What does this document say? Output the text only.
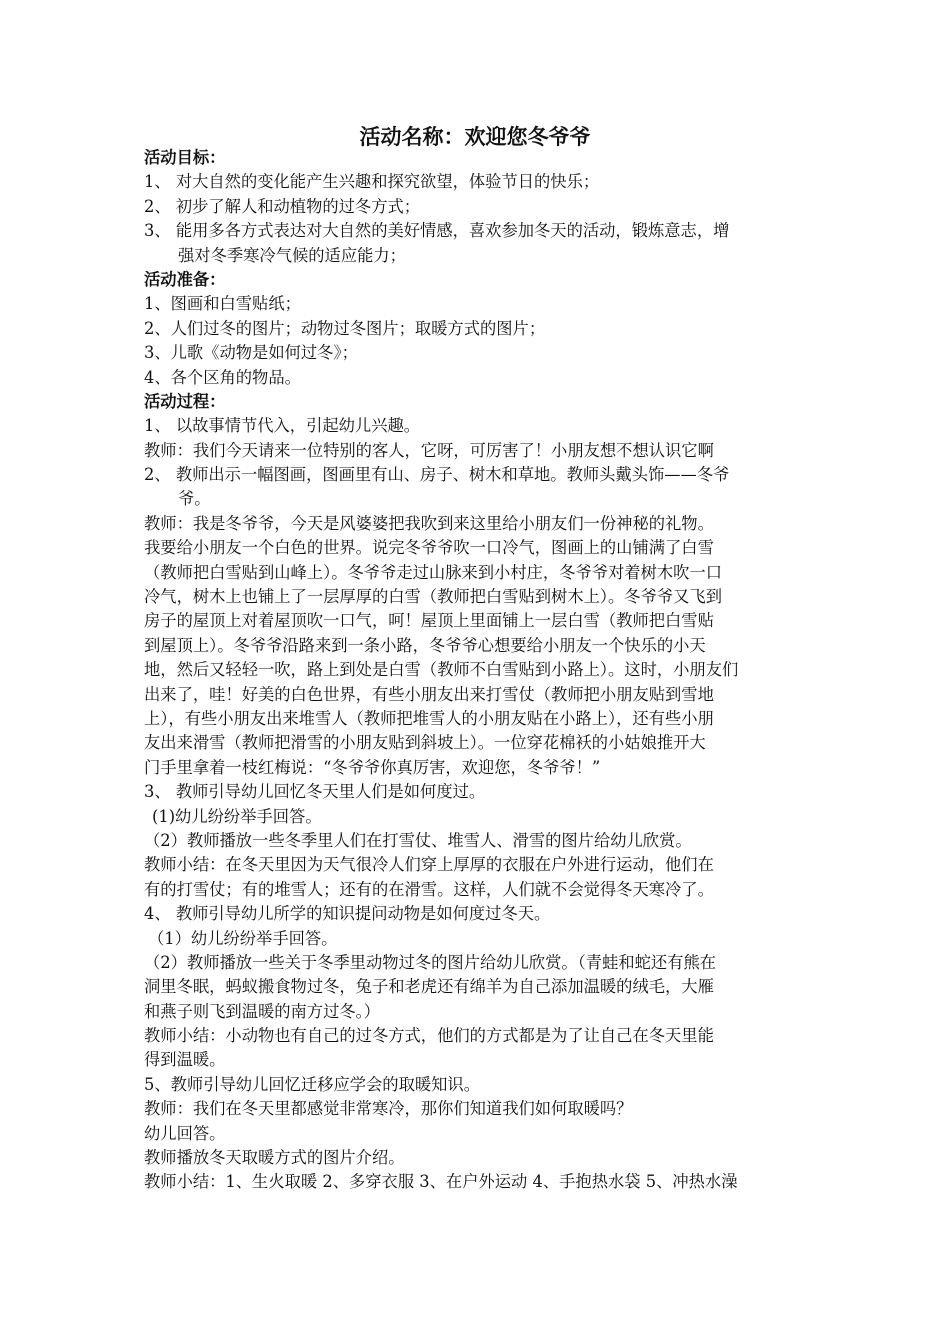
活动名称：欢迎您冬爷爷
活动目标：
1、 对大自然的变化能产生兴趣和探究欲望，体验节日的快乐；
2、 初步了解人和动植物的过冬方式；
3、 能用多各方式表达对大自然的美好情感，喜欢参加冬天的活动，锻炼意志，增
强对冬季寒冷气候的适应能力；
活动准备：
1、图画和白雪贴纸；
2、人们过冬的图片；动物过冬图片；取暖方式的图片；
3、儿歌《动物是如何过冬》；
4、各个区角的物品。
活动过程：
1、 以故事情节代入，引起幼儿兴趣。
教师：我们今天请来一位特别的客人，它呀，可厉害了！小朋友想不想认识它啊
2、 教师出示一幅图画，图画里有山、房子、树木和草地。教师头戴头饰——冬爷
爷。
教师：我是冬爷爷，今天是风婆婆把我吹到来这里给小朋友们一份神秘的礼物。
我要给小朋友一个白色的世界。说完冬爷爷吹一口冷气，图画上的山铺满了白雪
（教师把白雪贴到山峰上）。冬爷爷走过山脉来到小村庄，冬爷爷对着树木吹一口
冷气，树木上也铺上了一层厚厚的白雪（教师把白雪贴到树木上）。冬爷爷又飞到
房子的屋顶上对着屋顶吹一口气，呵！屋顶上里面铺上一层白雪（教师把白雪贴
到屋顶上）。冬爷爷沿路来到一条小路，冬爷爷心想要给小朋友一个快乐的小天
地，然后又轻轻一吹，路上到处是白雪（教师不白雪贴到小路上）。这时，小朋友们
出来了，哇！好美的白色世界，有些小朋友出来打雪仗（教师把小朋友贴到雪地
上），有些小朋友出来堆雪人（教师把堆雪人的小朋友贴在小路上），还有些小朋
友出来滑雪（教师把滑雪的小朋友贴到斜坡上）。一位穿花棉袄的小姑娘推开大
门手里拿着一枝红梅说：“冬爷爷你真厉害，欢迎您，冬爷爷！”
3、 教师引导幼儿回忆冬天里人们是如何度过。
(1)幼儿纷纷举手回答。
（2）教师播放一些冬季里人们在打雪仗、堆雪人、滑雪的图片给幼儿欣赏。
教师小结：在冬天里因为天气很冷人们穿上厚厚的衣服在户外进行运动，他们在
有的打雪仗；有的堆雪人；还有的在滑雪。这样，人们就不会觉得冬天寒冷了。
4、 教师引导幼儿所学的知识提问动物是如何度过冬天。
（1）幼儿纷纷举手回答。
（2）教师播放一些关于冬季里动物过冬的图片给幼儿欣赏。（青蛙和蛇还有熊在
洞里冬眠，蚂蚁搬食物过冬，兔子和老虎还有绵羊为自己添加温暖的绒毛，大雁
和燕子则飞到温暖的南方过冬。）
教师小结：小动物也有自己的过冬方式，他们的方式都是为了让自己在冬天里能
得到温暖。
5、教师引导幼儿回忆迁移应学会的取暖知识。
教师：我们在冬天里都感觉非常寒冷，那你们知道我们如何取暖吗？
幼儿回答。
教师播放冬天取暖方式的图片介绍。
教师小结：1、生火取暖 2、多穿衣服 3、在户外运动 4、手抱热水袋 5、冲热水澡
